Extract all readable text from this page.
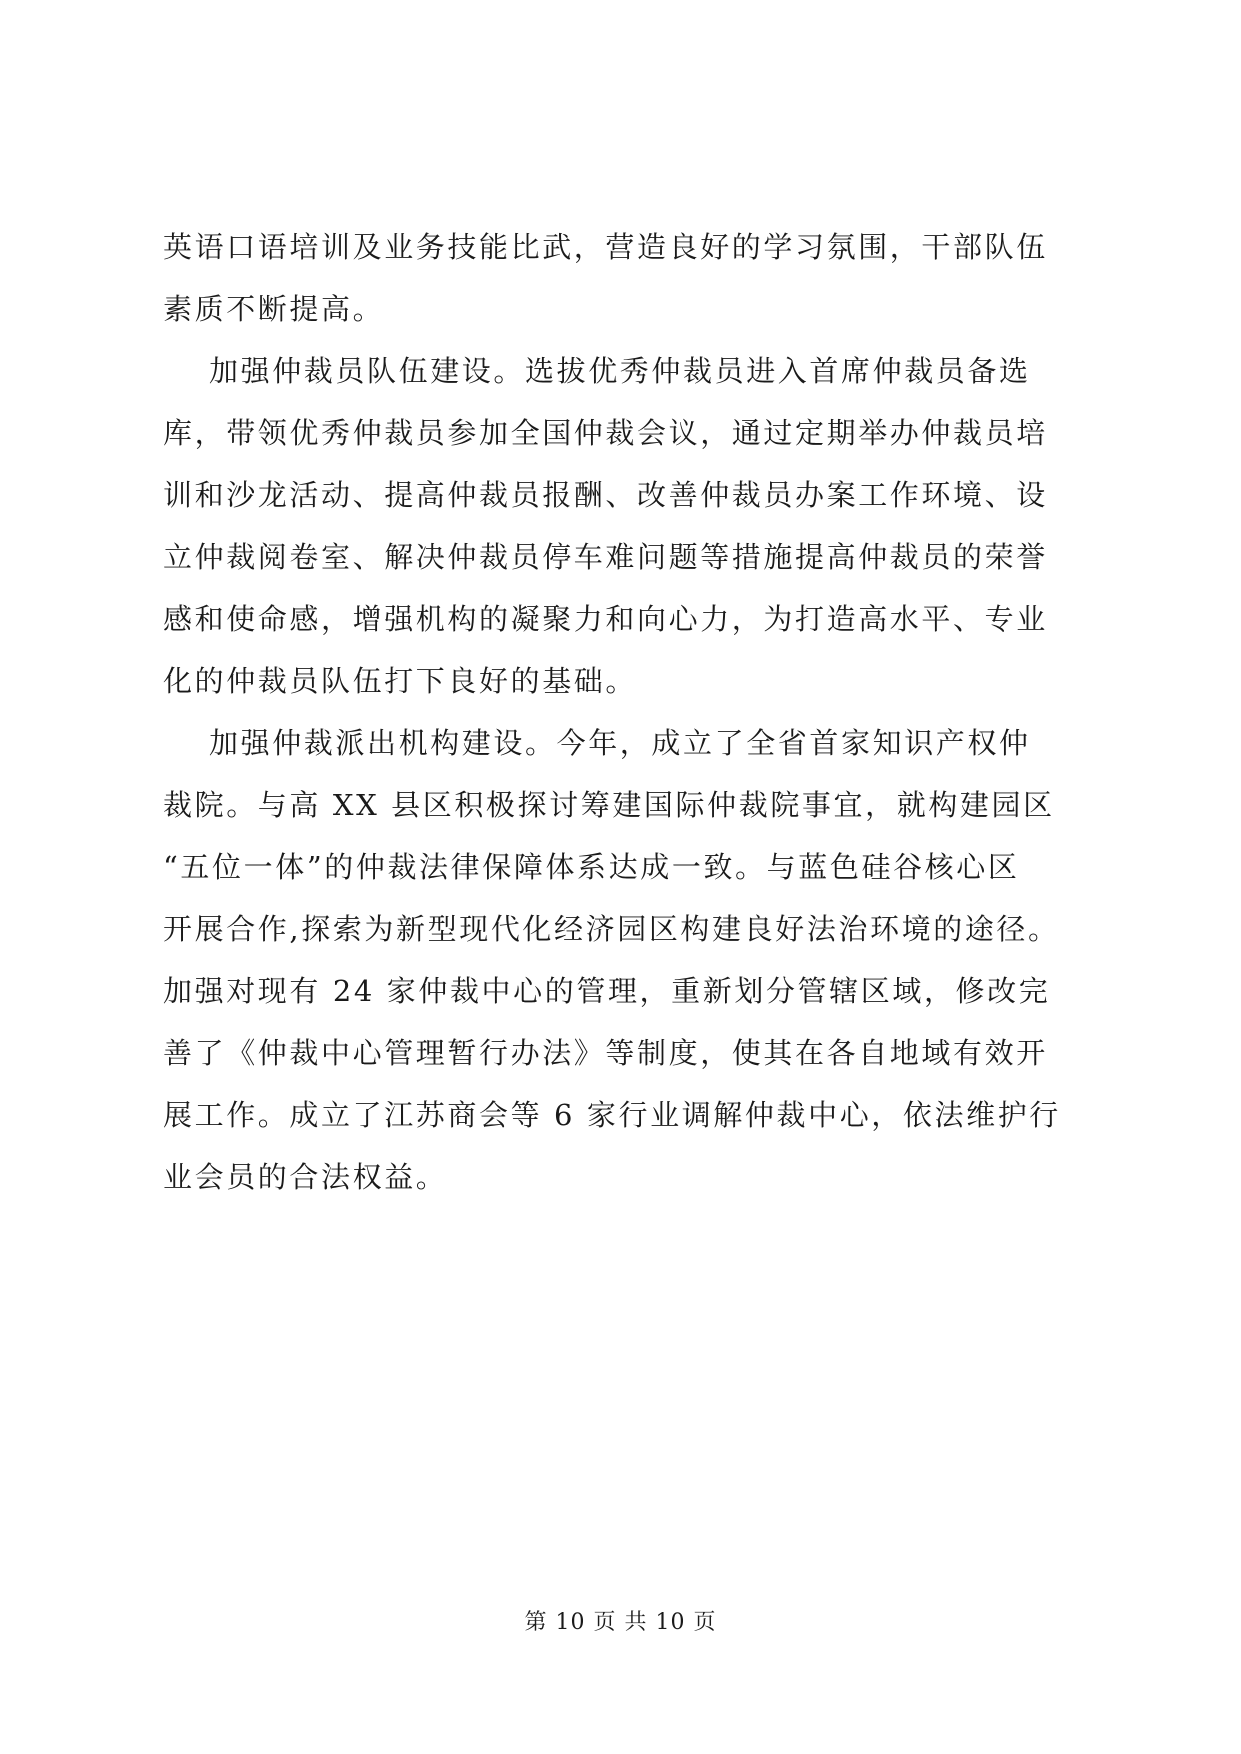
英语口语培训及业务技能比武，营造良好的学习氛围，干部队伍
素质不断提高。
加强仲裁员队伍建设。选拔优秀仲裁员进入首席仲裁员备选
库，带领优秀仲裁员参加全国仲裁会议，通过定期举办仲裁员培
训和沙龙活动、提高仲裁员报酬、改善仲裁员办案工作环境、设
立仲裁阅卷室、解决仲裁员停车难问题等措施提高仲裁员的荣誉
感和使命感，增强机构的凝聚力和向心力，为打造高水平、专业
化的仲裁员队伍打下良好的基础。
加强仲裁派出机构建设。今年，成立了全省首家知识产权仲
裁院。与高 XX 县区积极探讨筹建国际仲裁院事宜，就构建园区
“五位一体”的仲裁法律保障体系达成一致。与蓝色硅谷核心区
开展合作,探索为新型现代化经济园区构建良好法治环境的途径。
加强对现有 24 家仲裁中心的管理，重新划分管辖区域，修改完
善了《仲裁中心管理暂行办法》等制度，使其在各自地域有效开
展工作。成立了江苏商会等 6 家行业调解仲裁中心，依法维护行
业会员的合法权益。
第 10 页 共 10 页
